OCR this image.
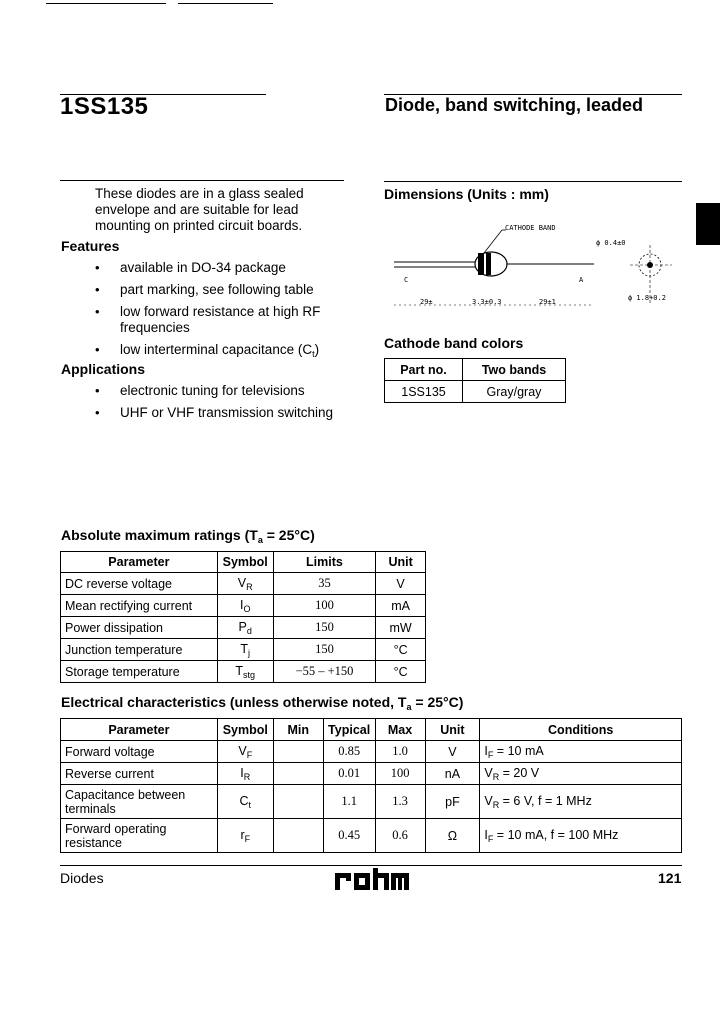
1SS135	Diode, band switching, leaded
These diodes are in a glass sealed
envelope and are suitable for lead
mounting on printed circuit boards.
Features
• available in DO-34 package
• part marking, see following table
• low forward resistance at high RF
frequencies
• low interterminal capacitance $(C_t)$
Applications
• electronic tuning for televisions
• UHF or VHF transmission switching
Dimensions (Units : mm)
CATHODE BAND
ϕ 0.4±0
ϕ 1.8+0.2
C	A
29±	3.3±0.3	29±1
Cathode band colors
Part no.	Two bands
1SS135	Gray/gray
Absolute maximum ratings $(T_a = 25^\circ C)$
Parameter	Symbol	Limits	Unit
DC reverse voltage	$V_R$	35	V
Mean rectifying current	$I_O$	100	mA
Power dissipation	$P_d$	150	mW
Junction temperature	$T_j$	150	°C
Storage temperature	$T_{stg}$	−55 – +150	°C
Electrical characteristics (unless otherwise noted, $T_a = 25^\circ C$)
Parameter	Symbol	Min	Typical	Max	Unit	Conditions

Forward voltage	$V_F$		0.85	1.0	V	$I_F = 10$ mA

Reverse current	$I_R$		0.01	100	nA	$V_R = 20$ V

Capacitance between
terminals	$C_t$		1.1	1.3	pF	$V_R = 6$ V, f = 1 MHz

Forward operating
resistance	$r_F$		0.45	0.6	Ω	$I_F = 10$ mA, f = 100 MHz
Diodes	121
